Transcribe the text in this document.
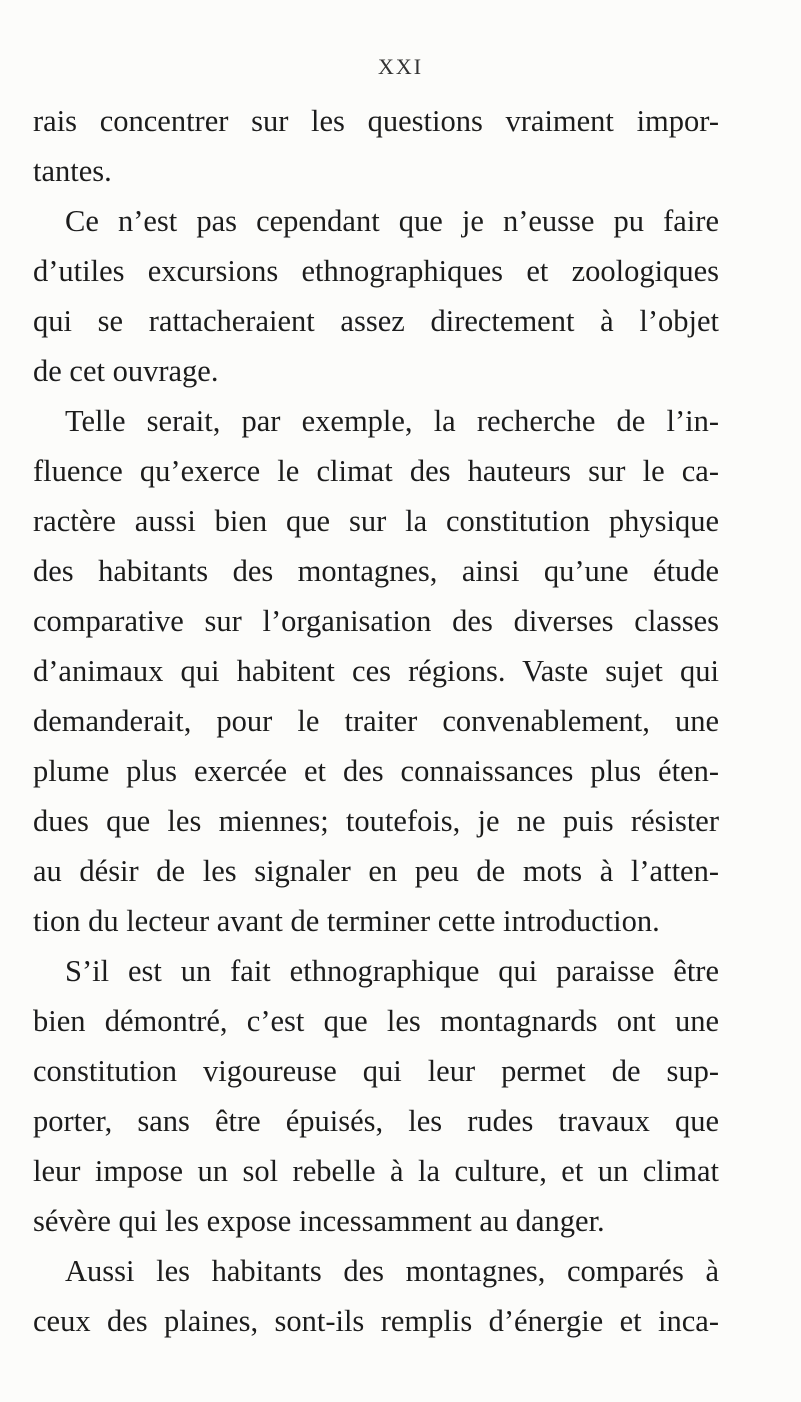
XXI
rais concentrer sur les questions vraiment impor-
tantes.
Ce n’est pas cependant que je n’eusse pu faire
d’utiles excursions ethnographiques et zoologiques
qui se rattacheraient assez directement à l’objet
de cet ouvrage.
Telle serait, par exemple, la recherche de l’in-
fluence qu’exerce le climat des hauteurs sur le ca-
ractère aussi bien que sur la constitution physique
des habitants des montagnes, ainsi qu’une étude
comparative sur l’organisation des diverses classes
d’animaux qui habitent ces régions. Vaste sujet qui
demanderait, pour le traiter convenablement, une
plume plus exercée et des connaissances plus éten-
dues que les miennes; toutefois, je ne puis résister
au désir de les signaler en peu de mots à l’atten-
tion du lecteur avant de terminer cette introduction.
S’il est un fait ethnographique qui paraisse être
bien démontré, c’est que les montagnards ont une
constitution vigoureuse qui leur permet de sup-
porter, sans être épuisés, les rudes travaux que
leur impose un sol rebelle à la culture, et un climat
sévère qui les expose incessamment au danger.
Aussi les habitants des montagnes, comparés à
ceux des plaines, sont-ils remplis d’énergie et inca-
